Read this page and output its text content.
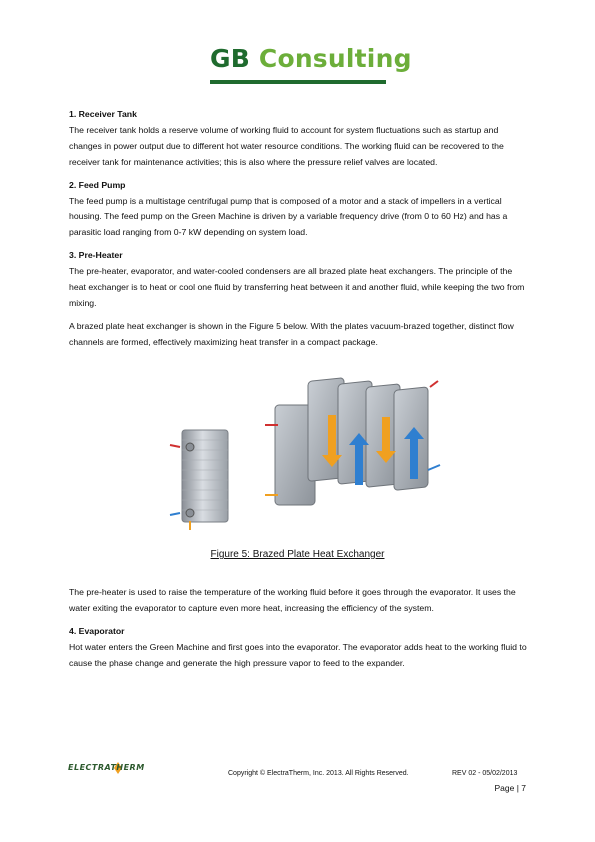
GB Consulting
1. Receiver Tank

The receiver tank holds a reserve volume of working fluid to account for system fluctuations such as startup and changes in power output due to different hot water resource conditions. The working fluid can be recovered to the receiver tank for maintenance activities; this is also where the pressure relief valves are located.

2. Feed Pump

The feed pump is a multistage centrifugal pump that is composed of a motor and a stack of impellers in a vertical housing. The feed pump on the Green Machine is driven by a variable frequency drive (from 0 to 60 Hz) and has a parasitic load ranging from 0-7 kW depending on system load.

3. Pre-Heater

The pre-heater, evaporator, and water-cooled condensers are all brazed plate heat exchangers. The principle of the heat exchanger is to heat or cool one fluid by transferring heat between it and another fluid, while keeping the two from mixing.

A brazed plate heat exchanger is shown in the Figure 5 below. With the plates vacuum-brazed together, distinct flow channels are formed, effectively maximizing heat transfer in a compact package.

Figure 5: Brazed Plate Heat Exchanger

The pre-heater is used to raise the temperature of the working fluid before it goes through the evaporator. It uses the water exiting the evaporator to capture even more heat, increasing the efficiency of the system.

4. Evaporator

Hot water enters the Green Machine and first goes into the evaporator. The evaporator adds heat to the working fluid to cause the phase change and generate the high pressure vapor to feed to the expander.

ELECTRATHERM
Copyright © ElectraTherm, Inc. 2013. All Rights Reserved.	REV 02 - 05/02/2013
Page | 7
